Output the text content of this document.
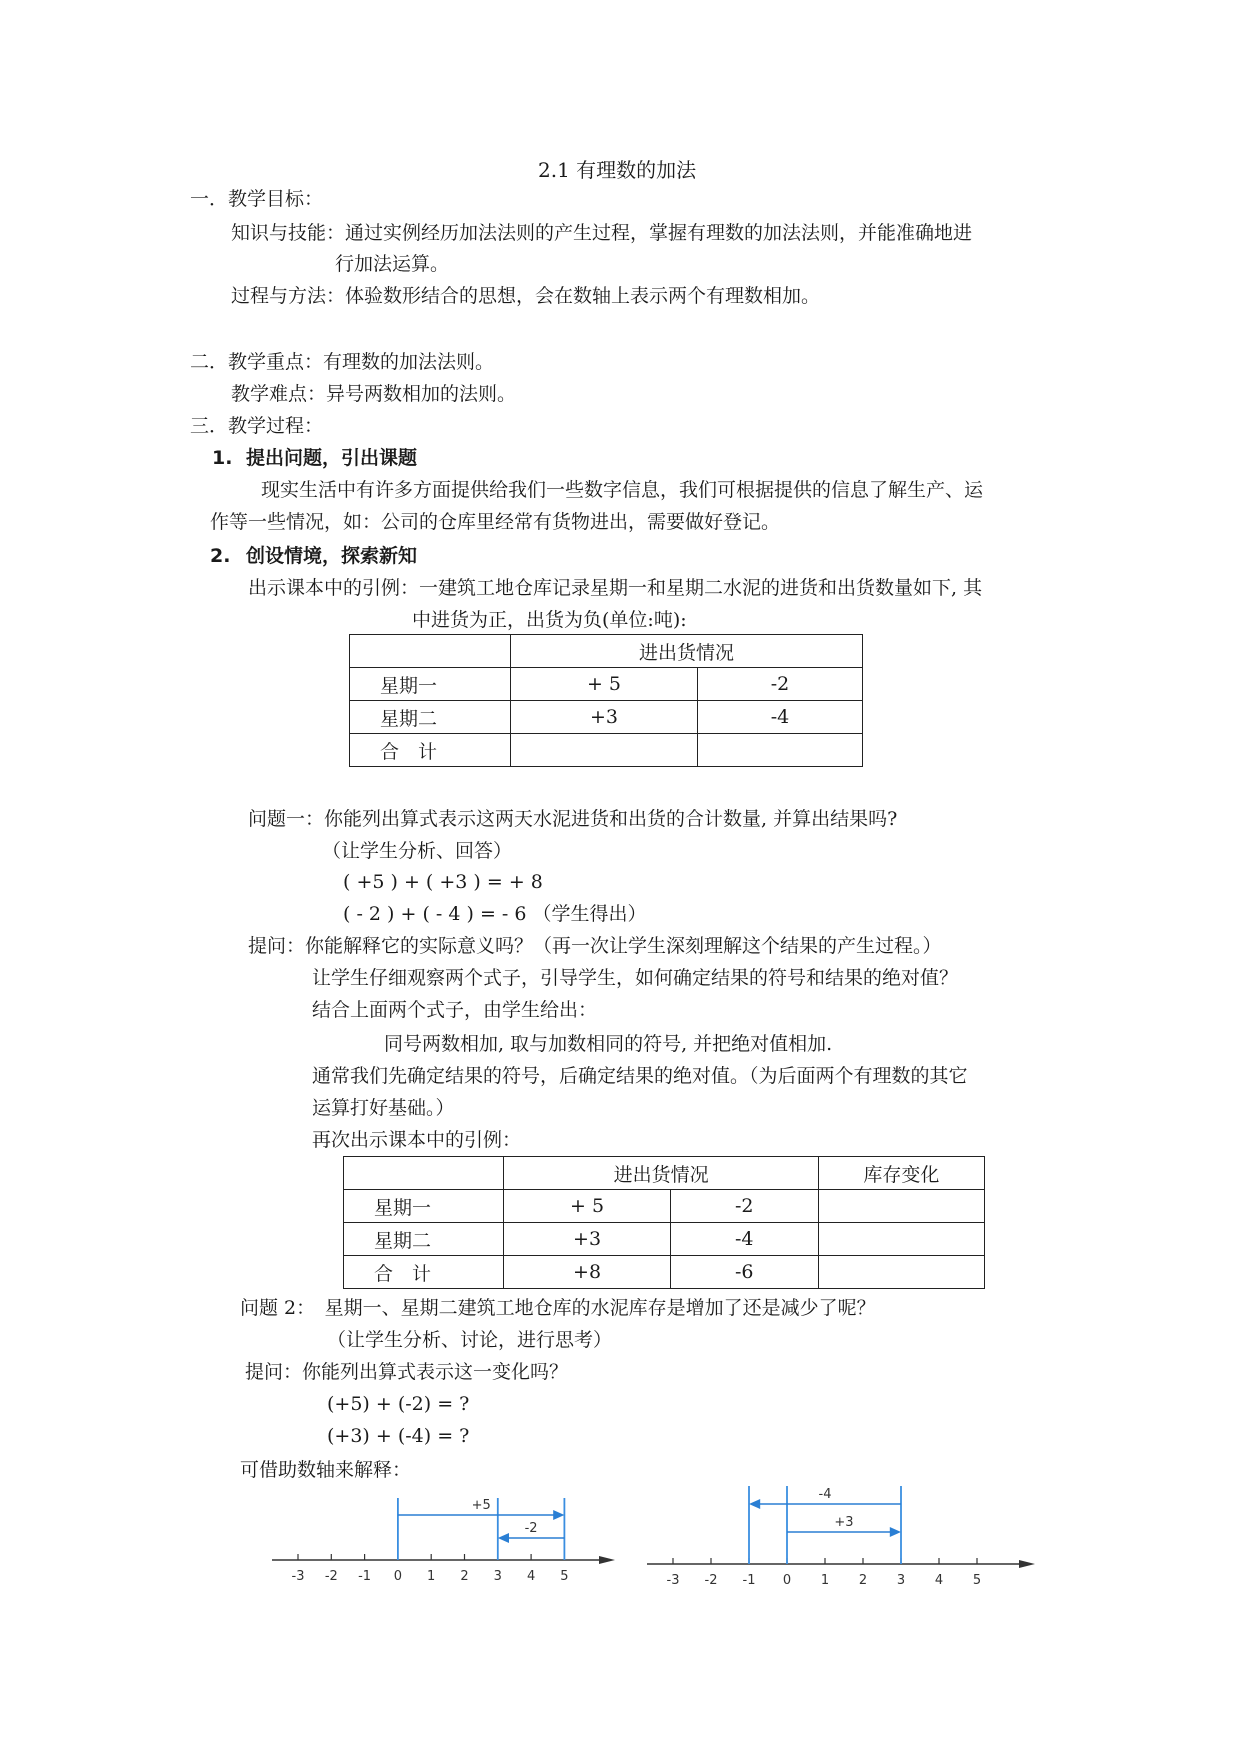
2.1 有理数的加法
一．教学目标：
知识与技能：通过实例经历加法法则的产生过程，掌握有理数的加法法则，并能准确地进
行加法运算。
过程与方法：体验数形结合的思想，会在数轴上表示两个有理数相加。
二．教学重点：有理数的加法法则。
教学难点：异号两数相加的法则。
三．教学过程：
1. 提出问题，引出课题
现实生活中有许多方面提供给我们一些数字信息，我们可根据提供的信息了解生产、运
作等一些情况，如：公司的仓库里经常有货物进出，需要做好登记。
2. 创设情境，探索新知
出示课本中的引例：一建筑工地仓库记录星期一和星期二水泥的进货和出货数量如下, 其
中进货为正，出货为负(单位:吨):
	进出货情况	
星期一	+ 5	-2
星期二	+3	-4
合　计		
问题一：你能列出算式表示这两天水泥进货和出货的合计数量, 并算出结果吗?
（让学生分析、回答）
( +5 ) + ( +3 ) = + 8
( - 2 ) + ( - 4 ) = - 6 （学生得出）
提问：你能解释它的实际意义吗？（再一次让学生深刻理解这个结果的产生过程。）
让学生仔细观察两个式子，引导学生，如何确定结果的符号和结果的绝对值？
结合上面两个式子，由学生给出：
同号两数相加, 取与加数相同的符号, 并把绝对值相加.
通常我们先确定结果的符号，后确定结果的绝对值。（为后面两个有理数的其它
运算打好基础。）
再次出示课本中的引例：
	进出货情况		库存变化
星期一	+ 5	-2	
星期二	+3	-4	
合　计	+8	-6	
问题 2：　星期一、星期二建筑工地仓库的水泥库存是增加了还是减少了呢？
（让学生分析、讨论，进行思考）
提问：你能列出算式表示这一变化吗？
(+5) + (-2) = ?
(+3) + (-4) = ?
可借助数轴来解释：
-3 -2 -1 0 1 2 3 4 5
+5
-2
-3 -2 -1 0 1 2 3 4 5
-4
+3
